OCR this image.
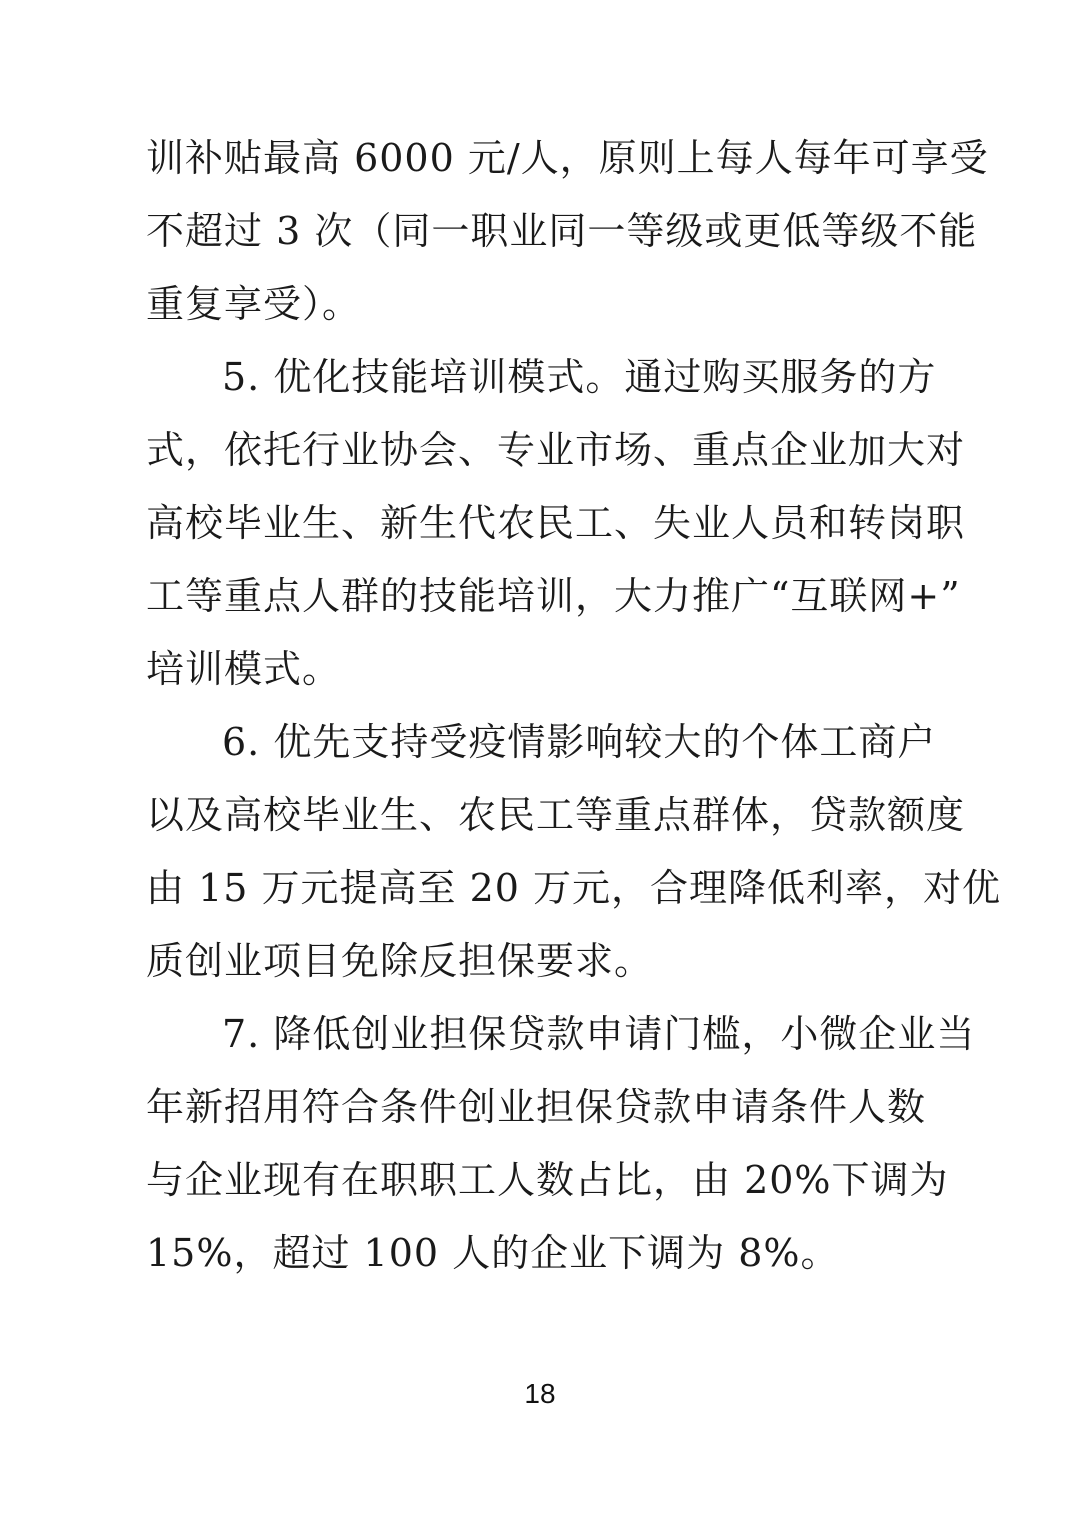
训补贴最高 6000 元/人，原则上每人每年可享受
不超过 3 次（同一职业同一等级或更低等级不能
重复享受）。
5. 优化技能培训模式。通过购买服务的方
式，依托行业协会、专业市场、重点企业加大对
高校毕业生、新生代农民工、失业人员和转岗职
工等重点人群的技能培训，大力推广“互联网+”
培训模式。
6. 优先支持受疫情影响较大的个体工商户
以及高校毕业生、农民工等重点群体，贷款额度
由 15 万元提高至 20 万元，合理降低利率，对优
质创业项目免除反担保要求。
7. 降低创业担保贷款申请门槛，小微企业当
年新招用符合条件创业担保贷款申请条件人数
与企业现有在职职工人数占比，由 20%下调为
15%，超过 100 人的企业下调为 8%。
18
